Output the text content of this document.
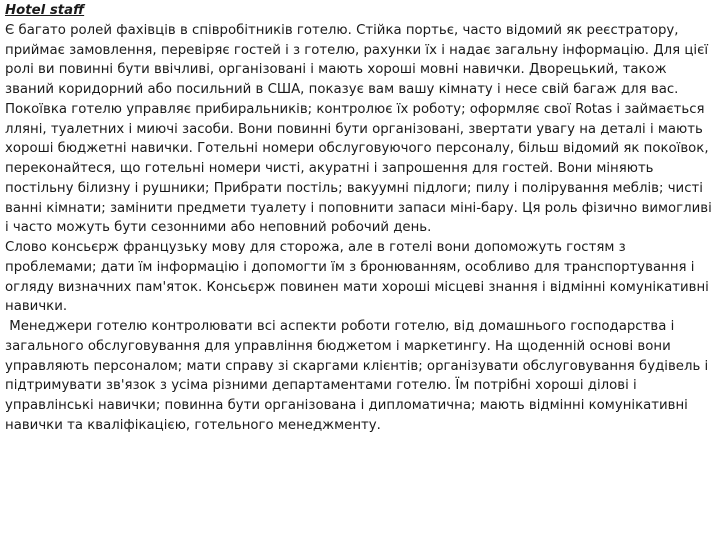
Hotel staff

Є багато ролей фахівців в співробітників готелю. Стійка портьє, часто відомий як реєстратору, приймає замовлення, перевіряє гостей і з готелю, рахунки їх і надає загальну інформацію. Для цієї ролі ви повинні бути ввічливі, організовані і мають хороші мовні навички. Дворецький, також званий коридорний або посильний в США, показує вам вашу кімнату і несе свій багаж для вас.

Покоївка готелю управляє прибиральників; контролює їх роботу; оформляє свої Rotas і займається лляні, туалетних і миючі засоби. Вони повинні бути організовані, звертати увагу на деталі і мають хороші бюджетні навички. Готельні номери обслуговуючого персоналу, більш відомий як покоївок, переконайтеся, що готельні номери чисті, акуратні і запрошення для гостей. Вони міняють постільну білизну і рушники; Прибрати постіль; вакуумні підлоги; пилу і полірування меблів; чисті ванні кімнати; замінити предмети туалету і поповнити запаси міні-бару. Ця роль фізично вимогливі і часто можуть бути сезонними або неповний робочий день.

Слово консьєрж французьку мову для сторожа, але в готелі вони допоможуть гостям з проблемами; дати їм інформацію і допомогти їм з бронюванням, особливо для транспортування і огляду визначних пам'яток. Консьєрж повинен мати хороші місцеві знання і відмінні комунікативні навички.

Менеджери готелю контролювати всі аспекти роботи готелю, від домашнього господарства і загального обслуговування для управління бюджетом і маркетингу. На щоденній основі вони управляють персоналом; мати справу зі скаргами клієнтів; організувати обслуговування будівель і підтримувати зв'язок з усіма різними департаментами готелю. Їм потрібні хороші ділові і управлінські навички; повинна бути організована і дипломатична; мають відмінні комунікативні навички та кваліфікацією, готельного менеджменту.
